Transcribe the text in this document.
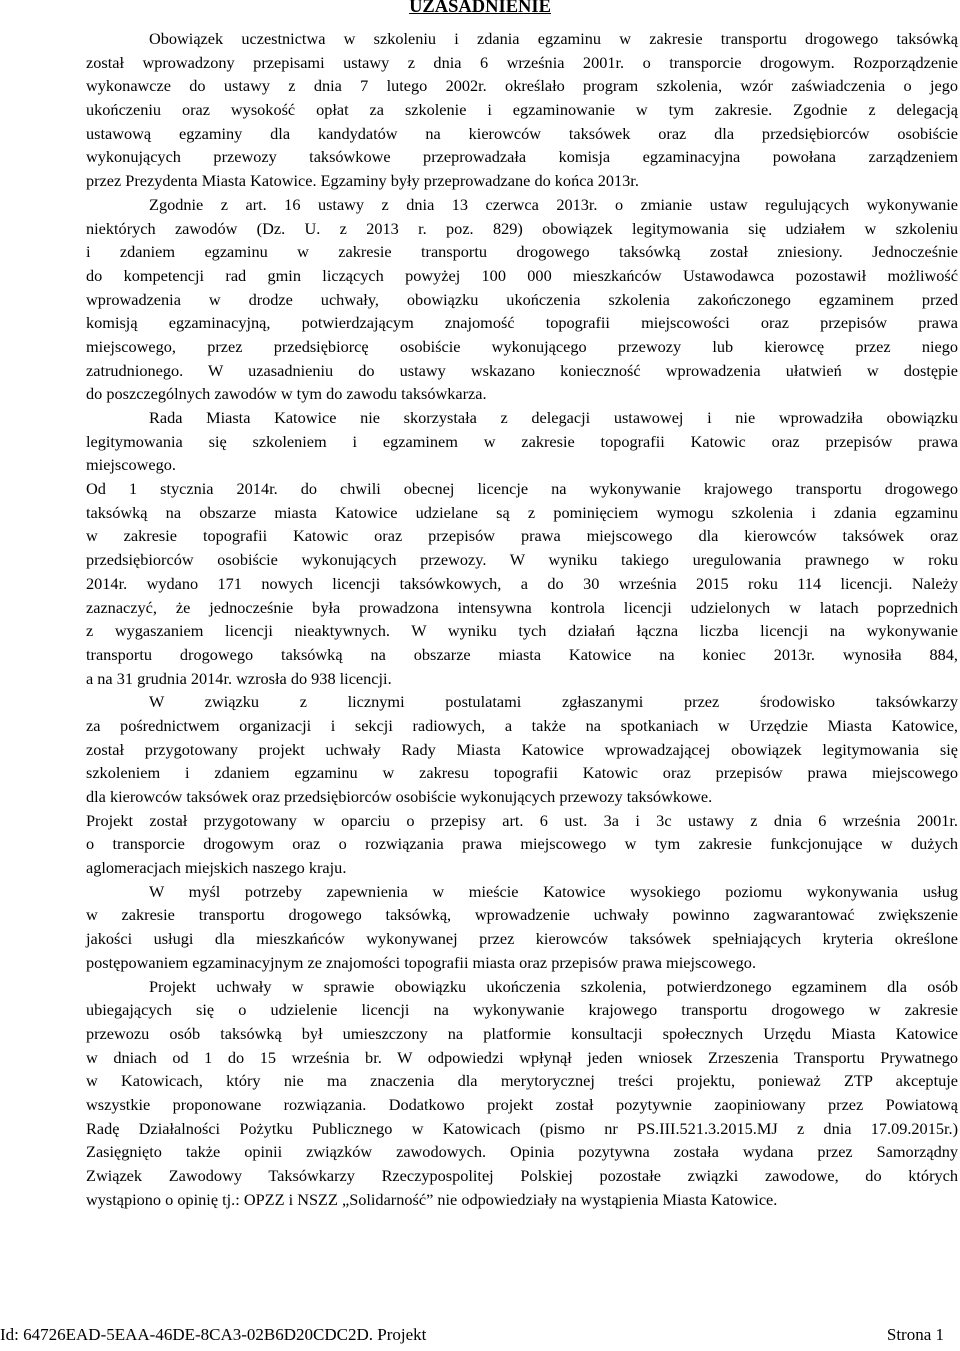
UZASADNIENIE
Obowiązek uczestnictwa w szkoleniu i zdania egzaminu w zakresie transportu drogowego taksówką
został wprowadzony przepisami ustawy z dnia 6 września 2001r. o transporcie drogowym. Rozporządzenie
wykonawcze do ustawy z dnia 7 lutego 2002r. określało program szkolenia, wzór zaświadczenia o jego
ukończeniu oraz wysokość opłat za szkolenie i egzaminowanie w tym zakresie. Zgodnie z delegacją
ustawową egzaminy dla kandydatów na kierowców taksówek oraz dla przedsiębiorców osobiście
wykonujących przewozy taksówkowe przeprowadzała komisja egzaminacyjna powołana zarządzeniem
przez Prezydenta Miasta Katowice. Egzaminy były przeprowadzane do końca 2013r.
Zgodnie z art. 16 ustawy z dnia 13 czerwca 2013r. o zmianie ustaw regulujących wykonywanie
niektórych zawodów (Dz. U. z 2013 r. poz. 829) obowiązek legitymowania się udziałem w szkoleniu
i zdaniem egzaminu w zakresie transportu drogowego taksówką został zniesiony. Jednocześnie
do kompetencji rad gmin liczących powyżej 100 000 mieszkańców Ustawodawca pozostawił możliwość
wprowadzenia w drodze uchwały, obowiązku ukończenia szkolenia zakończonego egzaminem przed
komisją egzaminacyjną, potwierdzającym znajomość topografii miejscowości oraz przepisów prawa
miejscowego, przez przedsiębiorcę osobiście wykonującego przewozy lub kierowcę przez niego
zatrudnionego. W uzasadnieniu do ustawy wskazano konieczność wprowadzenia ułatwień w dostępie
do poszczególnych zawodów w tym do zawodu taksówkarza.
Rada Miasta Katowice nie skorzystała z delegacji ustawowej i nie wprowadziła obowiązku
legitymowania się szkoleniem i egzaminem w zakresie topografii Katowic oraz przepisów prawa
miejscowego.
Od 1 stycznia 2014r. do chwili obecnej licencje na wykonywanie krajowego transportu drogowego
taksówką na obszarze miasta Katowice udzielane są z pominięciem wymogu szkolenia i zdania egzaminu
w zakresie topografii Katowic oraz przepisów prawa miejscowego dla kierowców taksówek oraz
przedsiębiorców osobiście wykonujących przewozy. W wyniku takiego uregulowania prawnego w roku
2014r. wydano 171 nowych licencji taksówkowych, a do 30 września 2015 roku 114 licencji. Należy
zaznaczyć, że jednocześnie była prowadzona intensywna kontrola licencji udzielonych w latach poprzednich
z wygaszaniem licencji nieaktywnych. W wyniku tych działań łączna liczba licencji na wykonywanie
transportu drogowego taksówką na obszarze miasta Katowice na koniec 2013r. wynosiła 884,
a na 31 grudnia 2014r. wzrosła do 938 licencji.
W związku z licznymi postulatami zgłaszanymi przez środowisko taksówkarzy
za pośrednictwem organizacji i sekcji radiowych, a także na spotkaniach w Urzędzie Miasta Katowice,
został przygotowany projekt uchwały Rady Miasta Katowice wprowadzającej obowiązek legitymowania się
szkoleniem i zdaniem egzaminu w zakresu topografii Katowic oraz przepisów prawa miejscowego
dla kierowców taksówek oraz przedsiębiorców osobiście wykonujących przewozy taksówkowe.
Projekt został przygotowany w oparciu o przepisy art. 6 ust. 3a i 3c ustawy z dnia 6 września 2001r.
o transporcie drogowym oraz o rozwiązania prawa miejscowego w tym zakresie funkcjonujące w dużych
aglomeracjach miejskich naszego kraju.
W myśl potrzeby zapewnienia w mieście Katowice wysokiego poziomu wykonywania usług
w zakresie transportu drogowego taksówką, wprowadzenie uchwały powinno zagwarantować zwiększenie
jakości usługi dla mieszkańców wykonywanej przez kierowców taksówek spełniających kryteria określone
postępowaniem egzaminacyjnym ze znajomości topografii miasta oraz przepisów prawa miejscowego.
Projekt uchwały w sprawie obowiązku ukończenia szkolenia, potwierdzonego egzaminem dla osób
ubiegających się o udzielenie licencji na wykonywanie krajowego transportu drogowego w zakresie
przewozu osób taksówką był umieszczony na platformie konsultacji społecznych Urzędu Miasta Katowice
w dniach od 1 do 15 września br. W odpowiedzi wpłynął jeden wniosek Zrzeszenia Transportu Prywatnego
w Katowicach, który nie ma znaczenia dla merytorycznej treści projektu, ponieważ ZTP akceptuje
wszystkie proponowane rozwiązania. Dodatkowo projekt został pozytywnie zaopiniowany przez Powiatową
Radę Działalności Pożytku Publicznego w Katowicach (pismo nr PS.III.521.3.2015.MJ z dnia 17.09.2015r.)
Zasięgnięto także opinii związków zawodowych. Opinia pozytywna została wydana przez Samorządny
Związek Zawodowy Taksówkarzy Rzeczypospolitej Polskiej pozostałe związki zawodowe, do których
wystąpiono o opinię tj.: OPZZ i NSZZ „Solidarność” nie odpowiedziały na wystąpienia Miasta Katowice.
Id: 64726EAD-5EAA-46DE-8CA3-02B6D20CDC2D. Projekt	Strona 1
